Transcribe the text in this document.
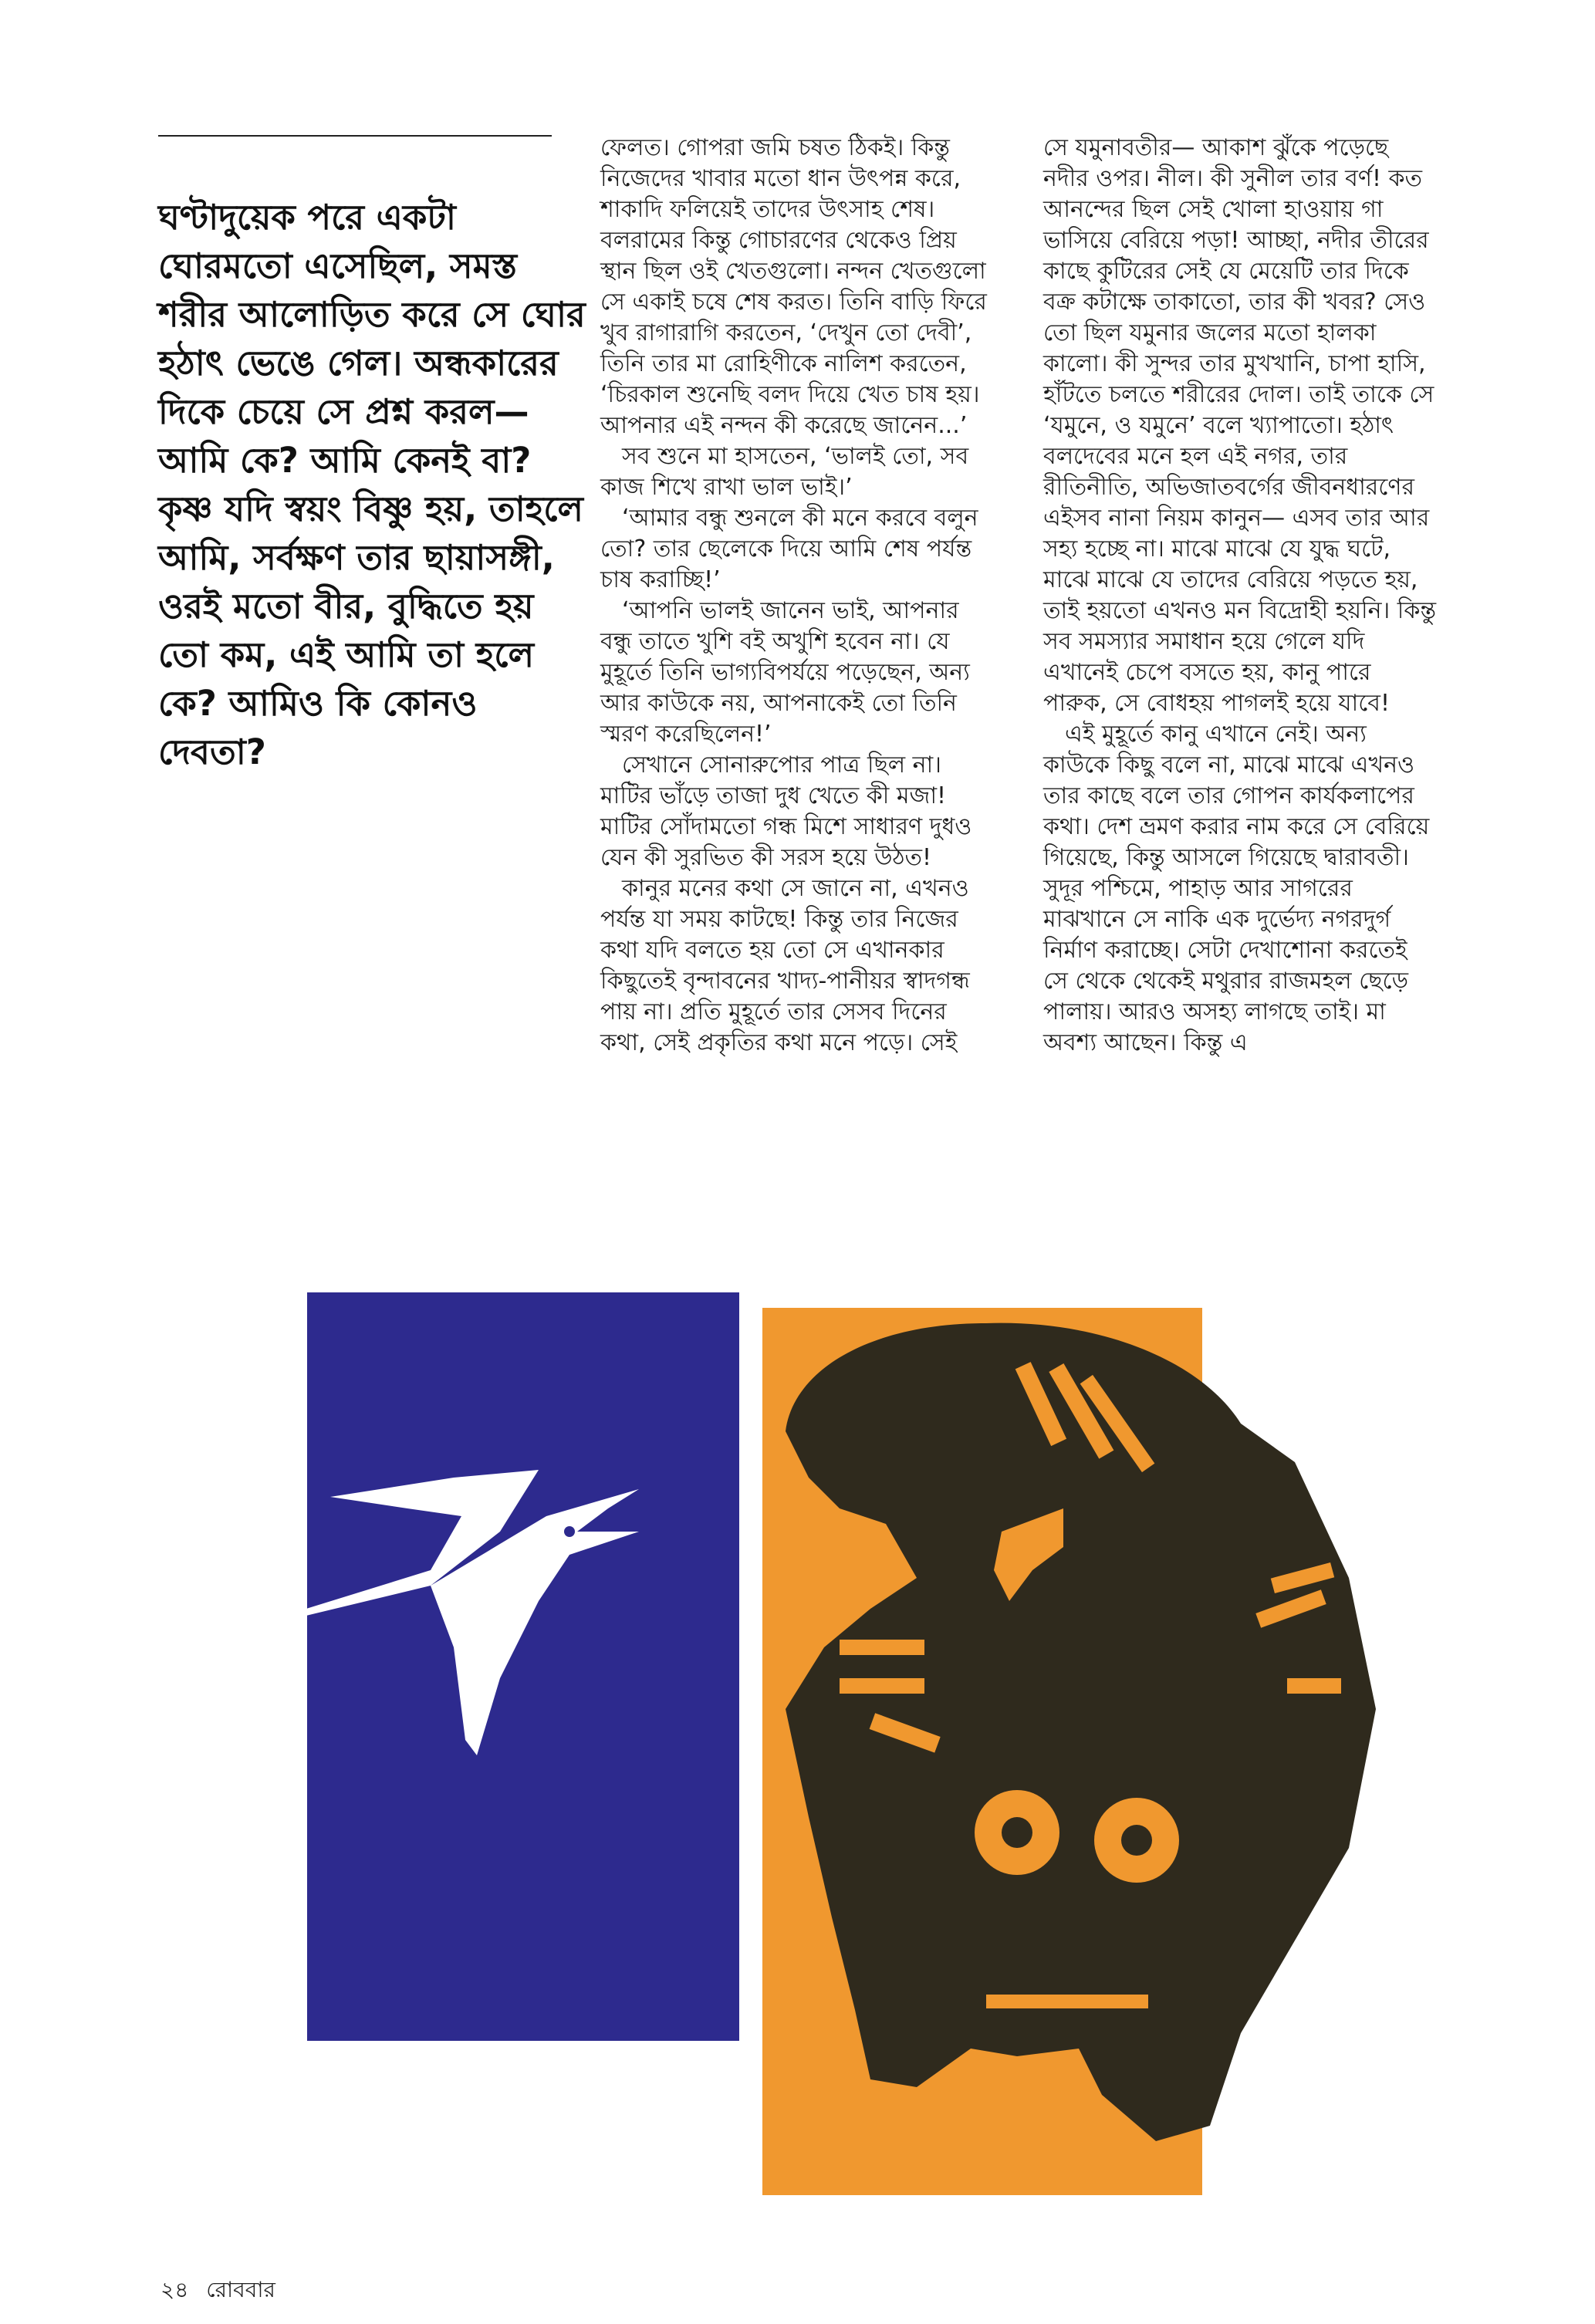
ঘণ্টাদুয়েক পরে একটা ঘোরমতো এসেছিল, সমস্ত শরীর আলোড়িত করে সে ঘোর হঠাৎ ভেঙে গেল। অন্ধকারের দিকে চেয়ে সে প্রশ্ন করল— আমি কে? আমি কেনই বা? কৃষ্ণ যদি স্বয়ং বিষ্ণু হয়, তাহলে আমি, সর্বক্ষণ তার ছায়াসঙ্গী, ওরই মতো বীর, বুদ্ধিতে হয় তো কম, এই আমি তা হলে কে? আমিও কি কোনও দেবতা?

ফেলত। গোপরা জমি চষত ঠিকই। কিন্তু নিজেদের খাবার মতো ধান উৎপন্ন করে, শাকাদি ফলিয়েই তাদের উৎসাহ শেষ। বলরামের কিন্তু গোচারণের থেকেও প্রিয় স্থান ছিল ওই খেতগুলো। নন্দন খেতগুলো সে একাই চষে শেষ করত। তিনি বাড়ি ফিরে খুব রাগারাগি করতেন, ‘দেখুন তো দেবী’, তিনি তার মা রোহিণীকে নালিশ করতেন, ‘চিরকাল শুনেছি বলদ দিয়ে খেত চাষ হয়। আপনার এই নন্দন কী করেছে জানেন...’

সব শুনে মা হাসতেন, ‘ভালই তো, সব কাজ শিখে রাখা ভাল ভাই।’

‘আমার বন্ধু শুনলে কী মনে করবে বলুন তো? তার ছেলেকে দিয়ে আমি শেষ পর্যন্ত চাষ করাচ্ছি!’

‘আপনি ভালই জানেন ভাই, আপনার বন্ধু তাতে খুশি বই অখুশি হবেন না। যে মুহূর্তে তিনি ভাগ্যবিপর্যয়ে পড়েছেন, অন্য আর কাউকে নয়, আপনাকেই তো তিনি স্মরণ করেছিলেন!’

সেখানে সোনারুপোর পাত্র ছিল না। মাটির ভাঁড়ে তাজা দুধ খেতে কী মজা! মাটির সোঁদামতো গন্ধ মিশে সাধারণ দুধও যেন কী সুরভিত কী সরস হয়ে উঠত!

কানুর মনের কথা সে জানে না, এখনও পর্যন্ত যা সময় কাটছে! কিন্তু তার নিজের কথা যদি বলতে হয় তো সে এখানকার কিছুতেই বৃন্দাবনের খাদ্য-পানীয়র স্বাদগন্ধ পায় না। প্রতি মুহূর্তে তার সেসব দিনের কথা, সেই প্রকৃতির কথা মনে পড়ে। সেই

সে যমুনাবতীর— আকাশ ঝুঁকে পড়েছে নদীর ওপর। নীল। কী সুনীল তার বর্ণ! কত আনন্দের ছিল সেই খোলা হাওয়ায় গা ভাসিয়ে বেরিয়ে পড়া! আচ্ছা, নদীর তীরের কাছে কুটিরের সেই যে মেয়েটি তার দিকে বক্র কটাক্ষে তাকাতো, তার কী খবর? সেও তো ছিল যমুনার জলের মতো হালকা কালো। কী সুন্দর তার মুখখানি, চাপা হাসি, হাঁটতে চলতে শরীরের দোল। তাই তাকে সে ‘যমুনে, ও যমুনে’ বলে খ্যাপাতো। হঠাৎ বলদেবের মনে হল এই নগর, তার রীতিনীতি, অভিজাতবর্গের জীবনধারণের এইসব নানা নিয়ম কানুন— এসব তার আর সহ্য হচ্ছে না। মাঝে মাঝে যে যুদ্ধ ঘটে, মাঝে মাঝে যে তাদের বেরিয়ে পড়তে হয়, তাই হয়তো এখনও মন বিদ্রোহী হয়নি। কিন্তু সব সমস্যার সমাধান হয়ে গেলে যদি এখানেই চেপে বসতে হয়, কানু পারে পারুক, সে বোধহয় পাগলই হয়ে যাবে!

এই মুহূর্তে কানু এখানে নেই। অন্য কাউকে কিছু বলে না, মাঝে মাঝে এখনও তার কাছে বলে তার গোপন কার্যকলাপের কথা। দেশ ভ্রমণ করার নাম করে সে বেরিয়ে গিয়েছে, কিন্তু আসলে গিয়েছে দ্বারাবতী। সুদূর পশ্চিমে, পাহাড় আর সাগরের মাঝখানে সে নাকি এক দুর্ভেদ্য নগরদুর্গ নির্মাণ করাচ্ছে। সেটা দেখাশোনা করতেই সে থেকে থেকেই মথুরার রাজমহল ছেড়ে পালায়। আরও অসহ্য লাগছে তাই। মা অবশ্য আছেন। কিন্তু এ

২৪ রোববার
